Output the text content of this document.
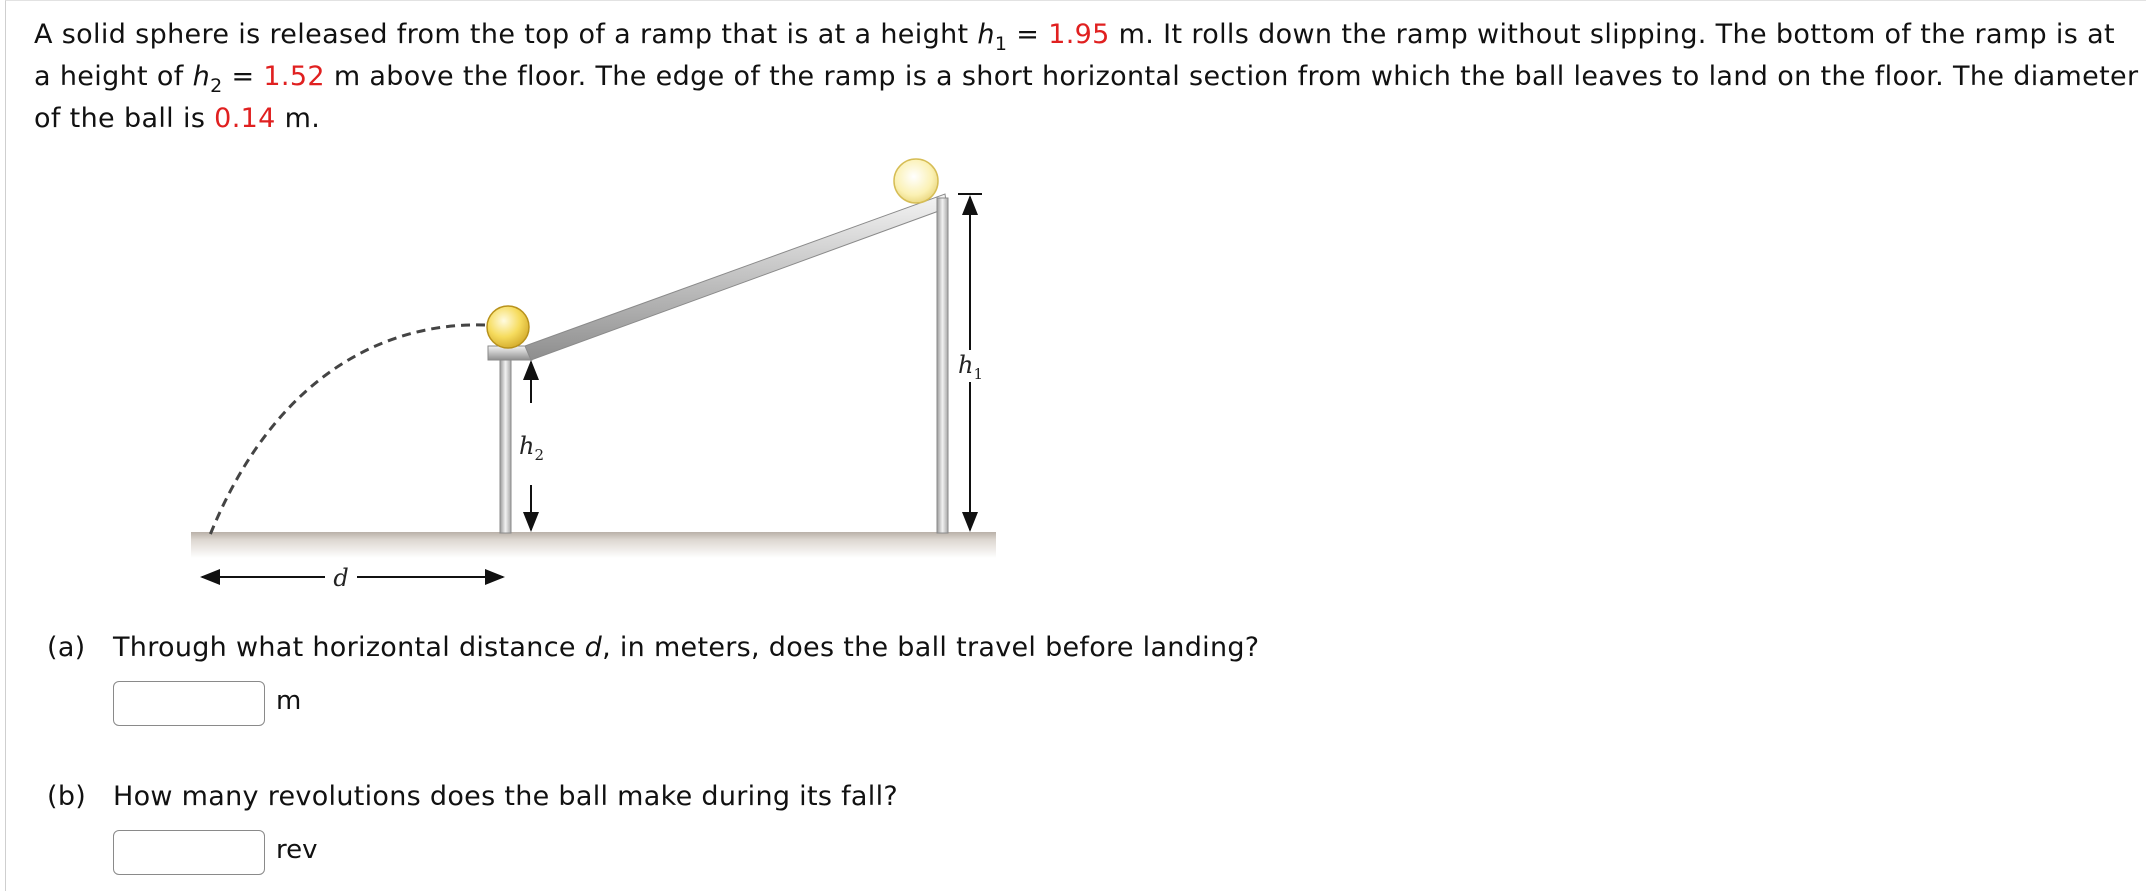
A solid sphere is released from the top of a ramp that is at a height $h_1 = 1.95$ m. It rolls down the ramp without slipping. The bottom of the ramp is at a height of $h_2 = 1.52$ m above the floor. The edge of the ramp is a short horizontal section from which the ball leaves to land on the floor. The diameter of the ball is 0.14 m.
$h_2$
$h_1$
d
(a) Through what horizontal distance d, in meters, does the ball travel before landing?
m
(b) How many revolutions does the ball make during its fall?
rev
